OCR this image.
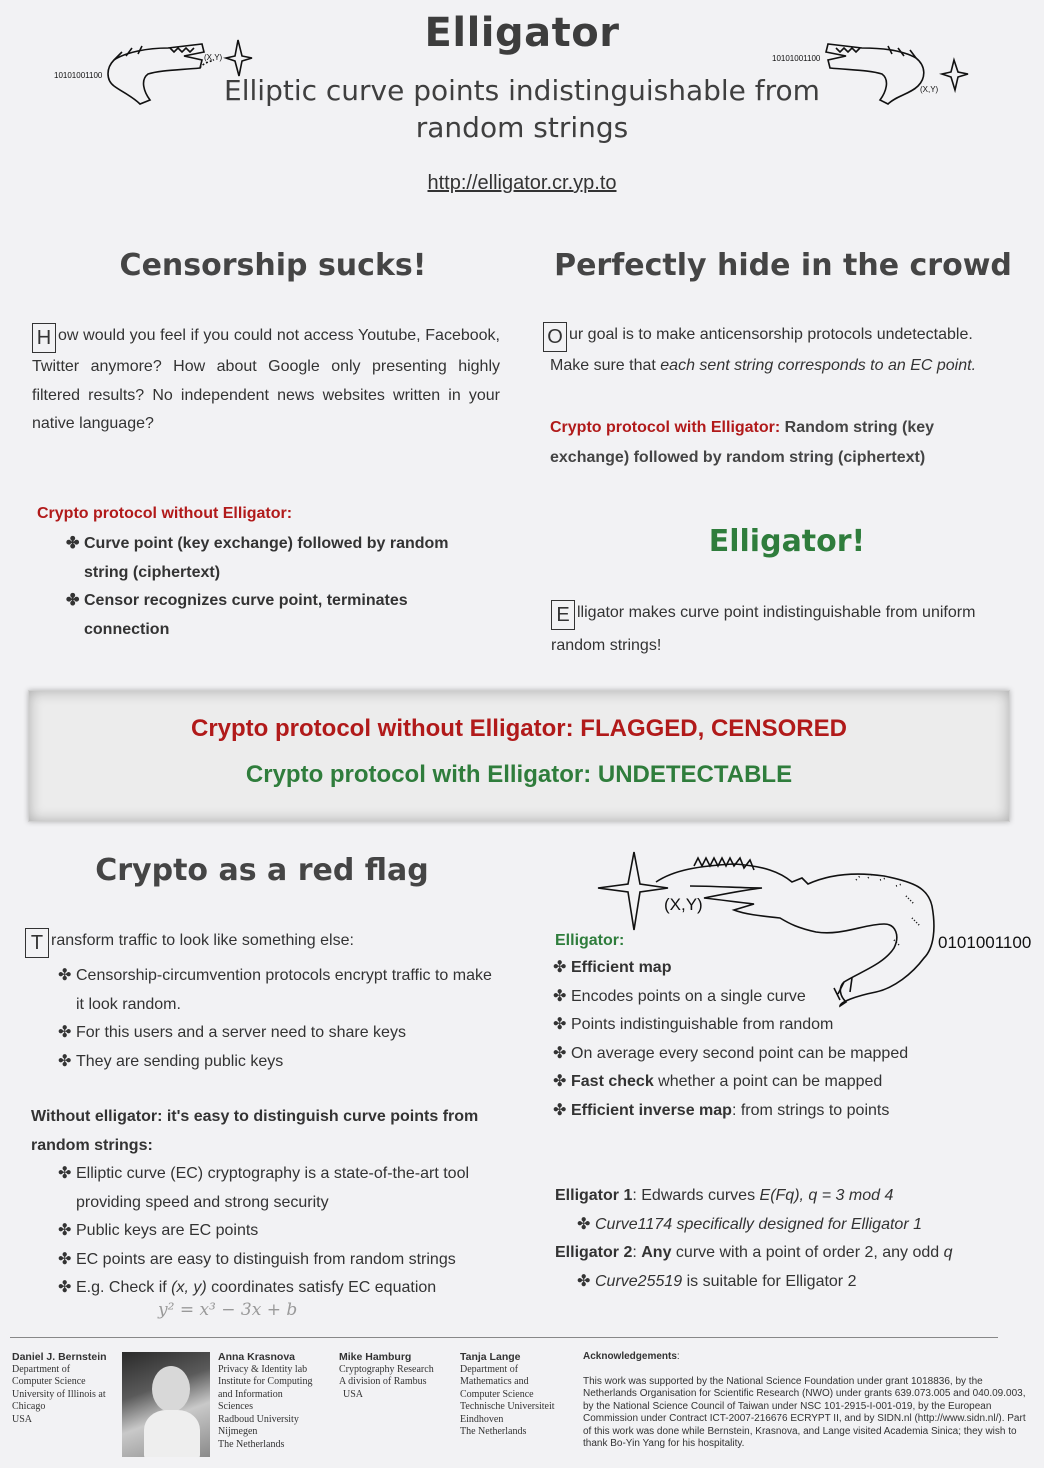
Elligator
Elliptic curve points indistinguishable from random strings
http://elligator.cr.yp.to
10101001100
(X,Y)	10101001100
(X,Y)
Censorship sucks!
H ow would you feel if you could not access Youtube, Facebook, Twitter anymore? How about Google only presenting highly filtered results? No independent news websites written in your native language?
Crypto protocol without Elligator:
✤ Curve point (key exchange) followed by random string (ciphertext)
✤ Censor recognizes curve point, terminates connection
Perfectly hide in the crowd
O ur goal is to make anticensorship protocols undetectable.
Make sure that each sent string corresponds to an EC point.
Crypto protocol with Elligator: Random string (key exchange) followed by random string (ciphertext)
Elligator!
E lligator makes curve point indistinguishable from uniform random strings!
Crypto protocol without Elligator: FLAGGED, CENSORED
Crypto protocol with Elligator: UNDETECTABLE
Crypto as a red flag
T ransform traffic to look like something else:
✤ Censorship-circumvention protocols encrypt traffic to make it look random.
✤ For this users and a server need to share keys
✤ They are sending public keys
Without elligator: it's easy to distinguish curve points from random strings:
✤ Elliptic curve (EC) cryptography is a state-of-the-art tool providing speed and strong security
✤ Public keys are EC points
✤ EC points are easy to distinguish from random strings
✤ E.g. Check if (x, y) coordinates satisfy EC equation
y² = x³ − 3x + b
(X,Y)
0101001100
Elligator:
✤ Efficient map
✤ Encodes points on a single curve
✤ Points indistinguishable from random
✤ On average every second point can be mapped
✤ Fast check whether a point can be mapped
✤ Efficient inverse map: from strings to points
Elligator 1: Edwards curves E(Fq), q = 3 mod 4
✤ Curve1174 specifically designed for Elligator 1
Elligator 2: Any curve with a point of order 2, any odd q
✤ Curve25519 is suitable for Elligator 2
Daniel J. Bernstein
Department of
Computer Science
University of Illinois at
Chicago
USA
Anna Krasnova
Privacy & Identity lab
Institute for Computing
and Information
Sciences
Radboud University
Nijmegen
The Netherlands
Mike Hamburg
Cryptography Research
A division of Rambus
USA
Tanja Lange
Department of
Mathematics and
Computer Science
Technische Universiteit
Eindhoven
The Netherlands
Acknowledgements:
This work was supported by the National Science Foundation under grant 1018836, by the Netherlands Organisation for Scientific Research (NWO) under grants 639.073.005 and 040.09.003, by the National Science Council of Taiwan under NSC 101-2915-I-001-019, by the European Commission under Contract ICT-2007-216676 ECRYPT II, and by SIDN.nl (http://www.sidn.nl/). Part of this work was done while Bernstein, Krasnova, and Lange visited Academia Sinica; they wish to thank Bo-Yin Yang for his hospitality.
